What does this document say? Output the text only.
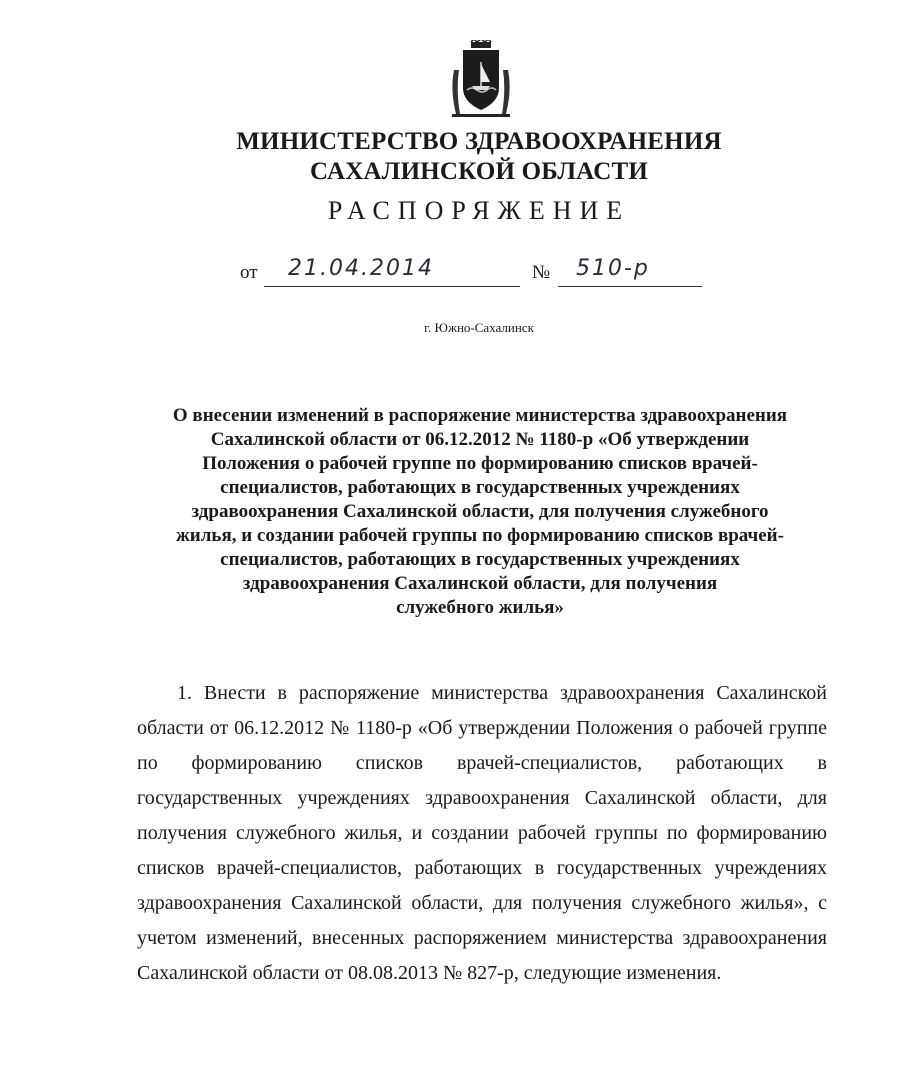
МИНИСТЕРСТВО ЗДРАВООХРАНЕНИЯ
САХАЛИНСКОЙ ОБЛАСТИ
РАСПОРЯЖЕНИЕ
от 21.04.2014	№ 510-р
г. Южно-Сахалинск
О внесении изменений в распоряжение министерства здравоохранения
Сахалинской области от 06.12.2012 № 1180-р «Об утверждении
Положения о рабочей группе по формированию списков врачей-
специалистов, работающих в государственных учреждениях
здравоохранения Сахалинской области, для получения служебного
жилья, и создании рабочей группы по формированию списков врачей-
специалистов, работающих в государственных учреждениях
здравоохранения Сахалинской области, для получения
служебного жилья»
1. Внести в распоряжение министерства здравоохранения Сахалинской области от 06.12.2012 № 1180-р «Об утверждении Положения о рабочей группе по формированию списков врачей-специалистов, работающих в государственных учреждениях здравоохранения Сахалинской области, для получения служебного жилья, и создании рабочей группы по формированию списков врачей-специалистов, работающих в государственных учреждениях здравоохранения Сахалинской области, для получения служебного жилья», с учетом изменений, внесенных распоряжением министерства здравоохранения Сахалинской области от 08.08.2013 № 827-р, следующие изменения.
